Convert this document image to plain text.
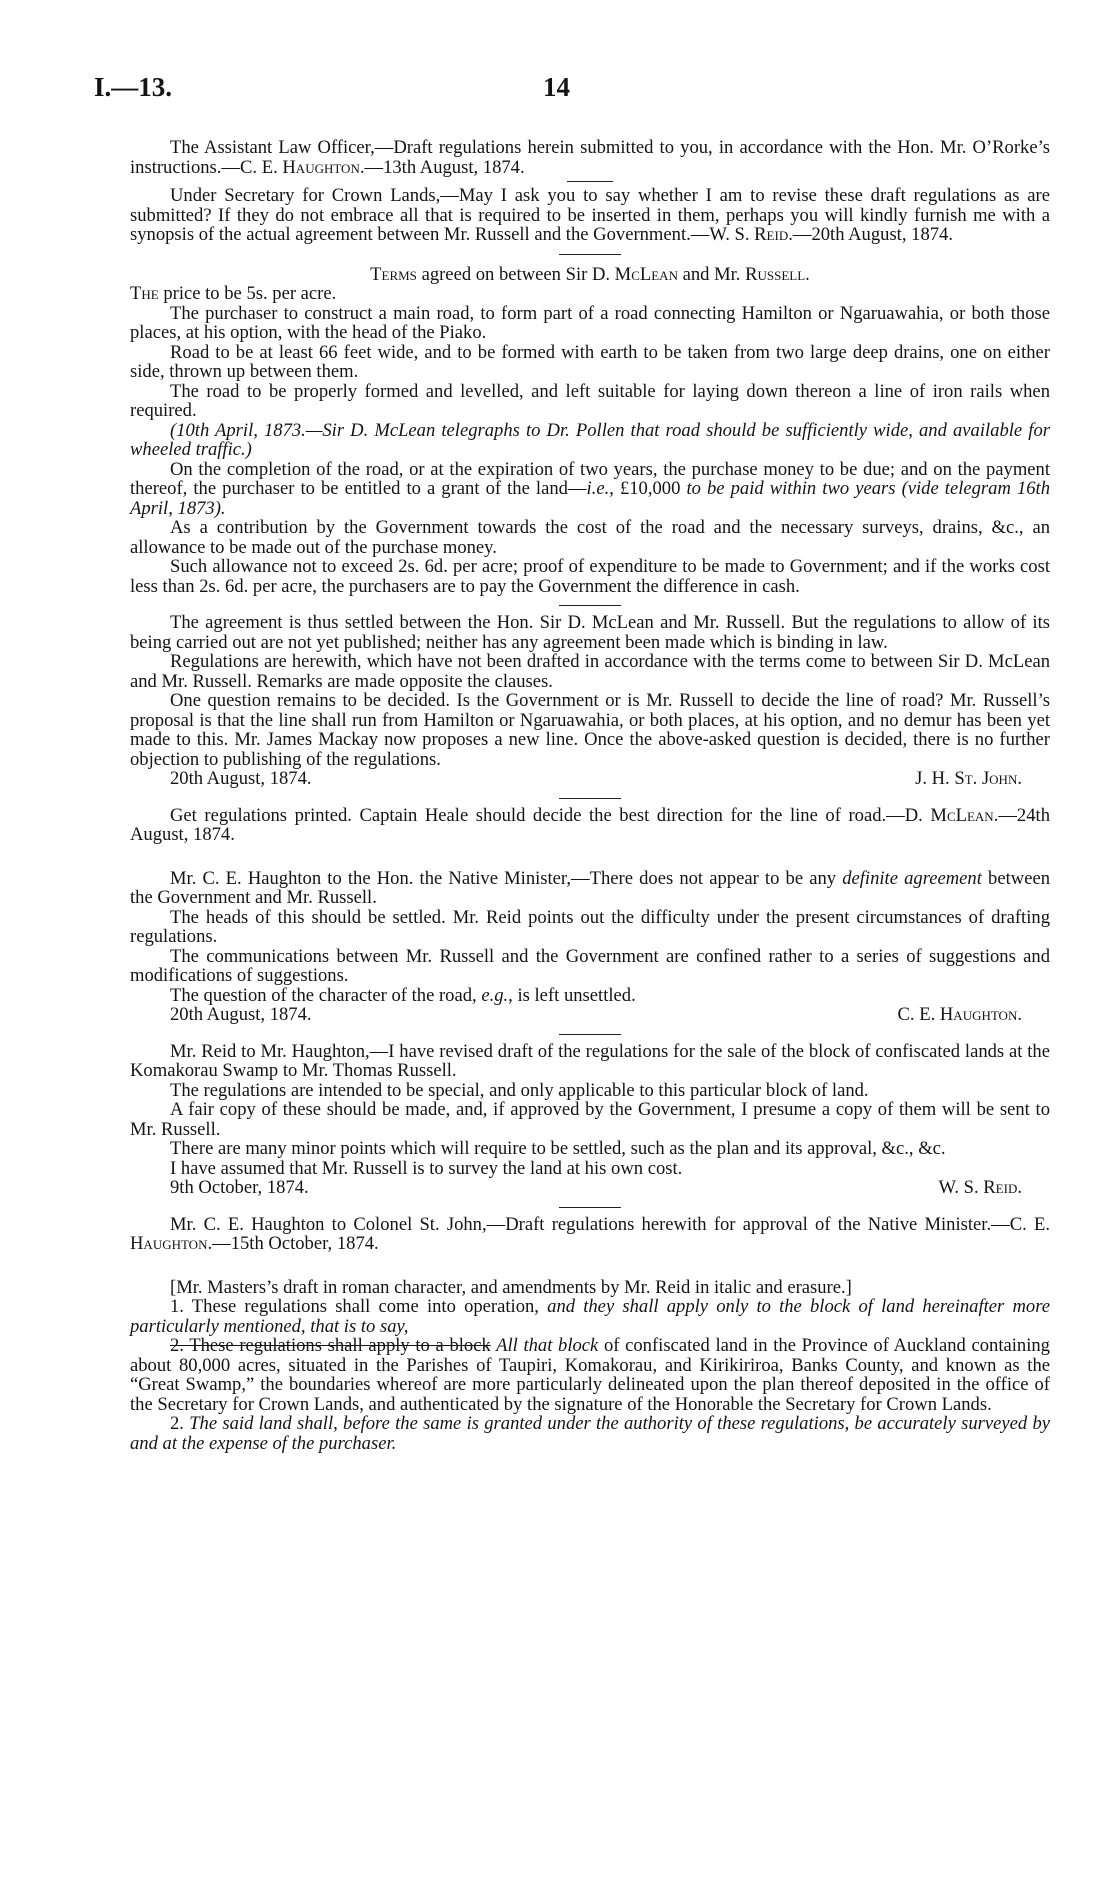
I.—13.	14

The Assistant Law Officer,—Draft regulations herein submitted to you, in accordance with the Hon. Mr. O’Rorke’s instructions.—C. E. Haughton.—13th August, 1874.

Under Secretary for Crown Lands,—May I ask you to say whether I am to revise these draft regulations as are submitted? If they do not embrace all that is required to be inserted in them, perhaps you will kindly furnish me with a synopsis of the actual agreement between Mr. Russell and the Government.—W. S. Reid.—20th August, 1874.

Terms agreed on between Sir D. McLean and Mr. Russell.

The price to be 5s. per acre.

The purchaser to construct a main road, to form part of a road connecting Hamilton or Ngaruawahia, or both those places, at his option, with the head of the Piako.

Road to be at least 66 feet wide, and to be formed with earth to be taken from two large deep drains, one on either side, thrown up between them.

The road to be properly formed and levelled, and left suitable for laying down thereon a line of iron rails when required.

(10th April, 1873.—Sir D. McLean telegraphs to Dr. Pollen that road should be sufficiently wide, and available for wheeled traffic.)

On the completion of the road, or at the expiration of two years, the purchase money to be due; and on the payment thereof, the purchaser to be entitled to a grant of the land—i.e., £10,000 to be paid within two years (vide telegram 16th April, 1873).

As a contribution by the Government towards the cost of the road and the necessary surveys, drains, &c., an allowance to be made out of the purchase money.

Such allowance not to exceed 2s. 6d. per acre; proof of expenditure to be made to Government; and if the works cost less than 2s. 6d. per acre, the purchasers are to pay the Government the difference in cash.

The agreement is thus settled between the Hon. Sir D. McLean and Mr. Russell. But the regulations to allow of its being carried out are not yet published; neither has any agreement been made which is binding in law.

Regulations are herewith, which have not been drafted in accordance with the terms come to between Sir D. McLean and Mr. Russell. Remarks are made opposite the clauses.

One question remains to be decided. Is the Government or is Mr. Russell to decide the line of road? Mr. Russell’s proposal is that the line shall run from Hamilton or Ngaruawahia, or both places, at his option, and no demur has been yet made to this. Mr. James Mackay now proposes a new line. Once the above-asked question is decided, there is no further objection to publishing of the regulations.

20th August, 1874.	J. H. St. John.

Get regulations printed. Captain Heale should decide the best direction for the line of road.—D. McLean.—24th August, 1874.

Mr. C. E. Haughton to the Hon. the Native Minister,—There does not appear to be any definite agreement between the Government and Mr. Russell.

The heads of this should be settled. Mr. Reid points out the difficulty under the present circumstances of drafting regulations.

The communications between Mr. Russell and the Government are confined rather to a series of suggestions and modifications of suggestions.

The question of the character of the road, e.g., is left unsettled.

20th August, 1874.	C. E. Haughton.

Mr. Reid to Mr. Haughton,—I have revised draft of the regulations for the sale of the block of confiscated lands at the Komakorau Swamp to Mr. Thomas Russell.

The regulations are intended to be special, and only applicable to this particular block of land.

A fair copy of these should be made, and, if approved by the Government, I presume a copy of them will be sent to Mr. Russell.

There are many minor points which will require to be settled, such as the plan and its approval, &c., &c.

I have assumed that Mr. Russell is to survey the land at his own cost.

9th October, 1874.	W. S. Reid.

Mr. C. E. Haughton to Colonel St. John,—Draft regulations herewith for approval of the Native Minister.—C. E. Haughton.—15th October, 1874.

[Mr. Masters’s draft in roman character, and amendments by Mr. Reid in italic and erasure.]

1. These regulations shall come into operation, and they shall apply only to the block of land hereinafter more particularly mentioned, that is to say,

2. These regulations shall apply to a block All that block of confiscated land in the Province of Auckland containing about 80,000 acres, situated in the Parishes of Taupiri, Komakorau, and Kirikiriroa, Banks County, and known as the “Great Swamp,” the boundaries whereof are more particularly delineated upon the plan thereof deposited in the office of the Secretary for Crown Lands, and authenticated by the signature of the Honorable the Secretary for Crown Lands.

2. The said land shall, before the same is granted under the authority of these regulations, be accurately surveyed by and at the expense of the purchaser.
